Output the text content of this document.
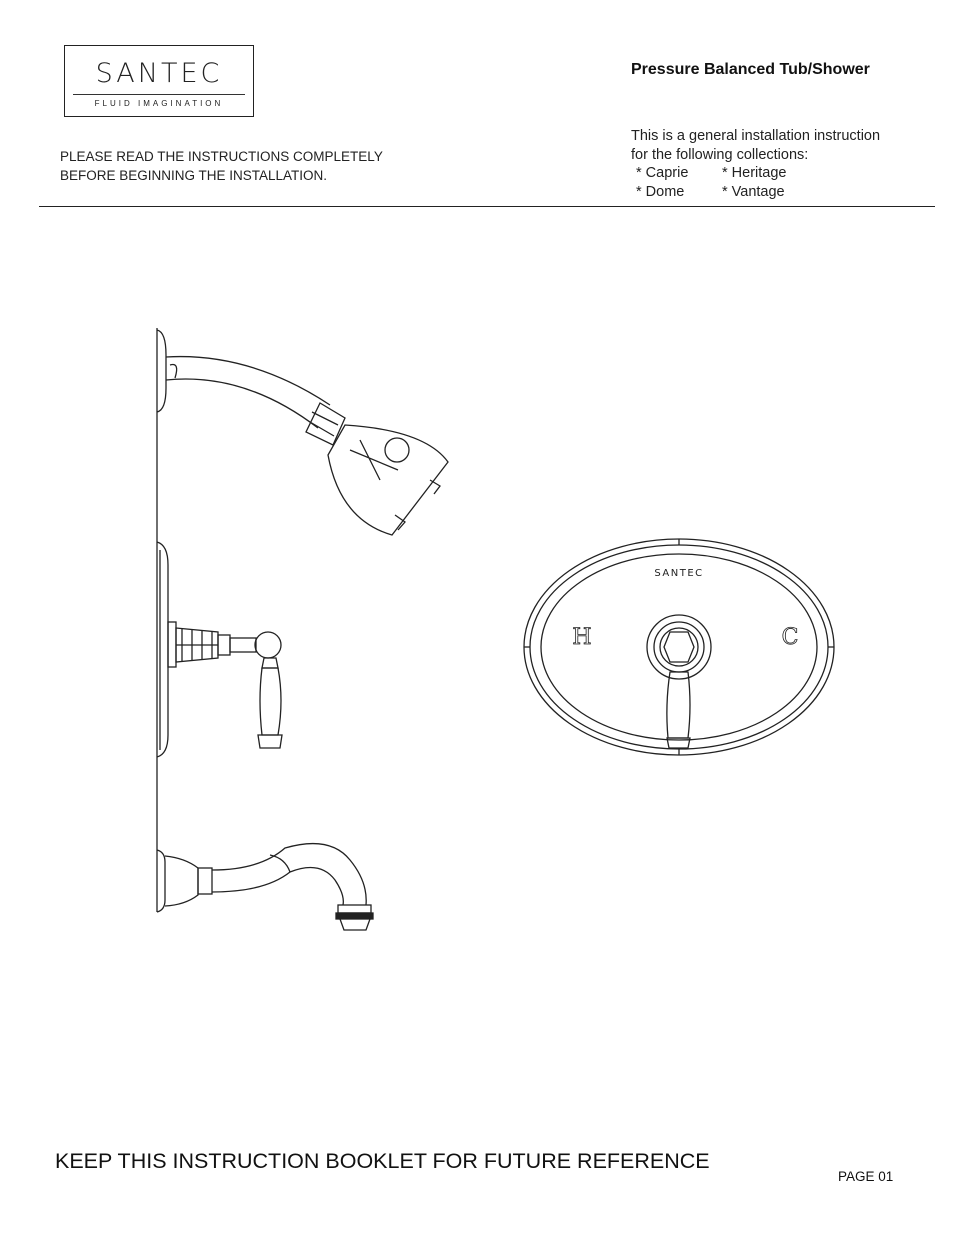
SANTEC
FLUID IMAGINATION
Pressure Balanced Tub/Shower
PLEASE READ THE INSTRUCTIONS COMPLETELY
BEFORE BEGINNING THE INSTALLATION.
This is a general installation instruction
for the following collections:
* Caprie * Heritage
* Dome	* Vantage
SANTEC
H	C
KEEP THIS INSTRUCTION BOOKLET FOR FUTURE REFERENCE
PAGE 01
